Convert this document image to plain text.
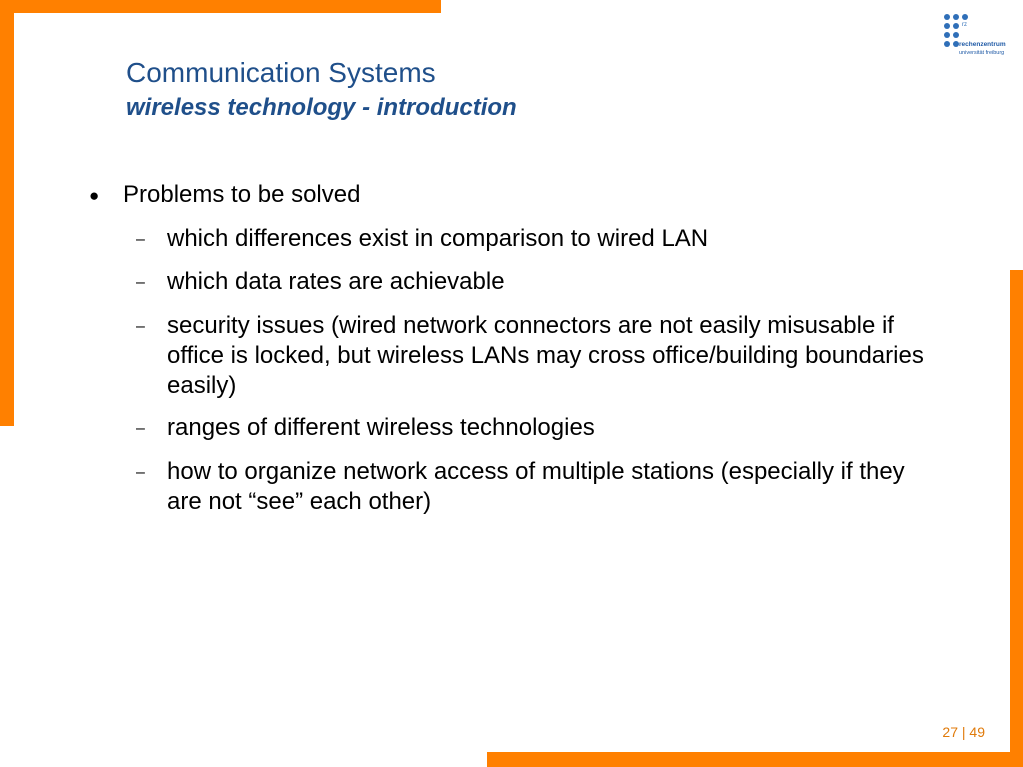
rz
rechenzentrum
universität freiburg
Communication Systems
wireless technology - introduction
● Problems to be solved
– which differences exist in comparison to wired LAN
– which data rates are achievable
– security issues (wired network connectors are not easily misusable if office is locked, but wireless LANs may cross office/building boundaries easily)
– ranges of different wireless technologies
– how to organize network access of multiple stations (especially if they are not “see” each other)
27 | 49
